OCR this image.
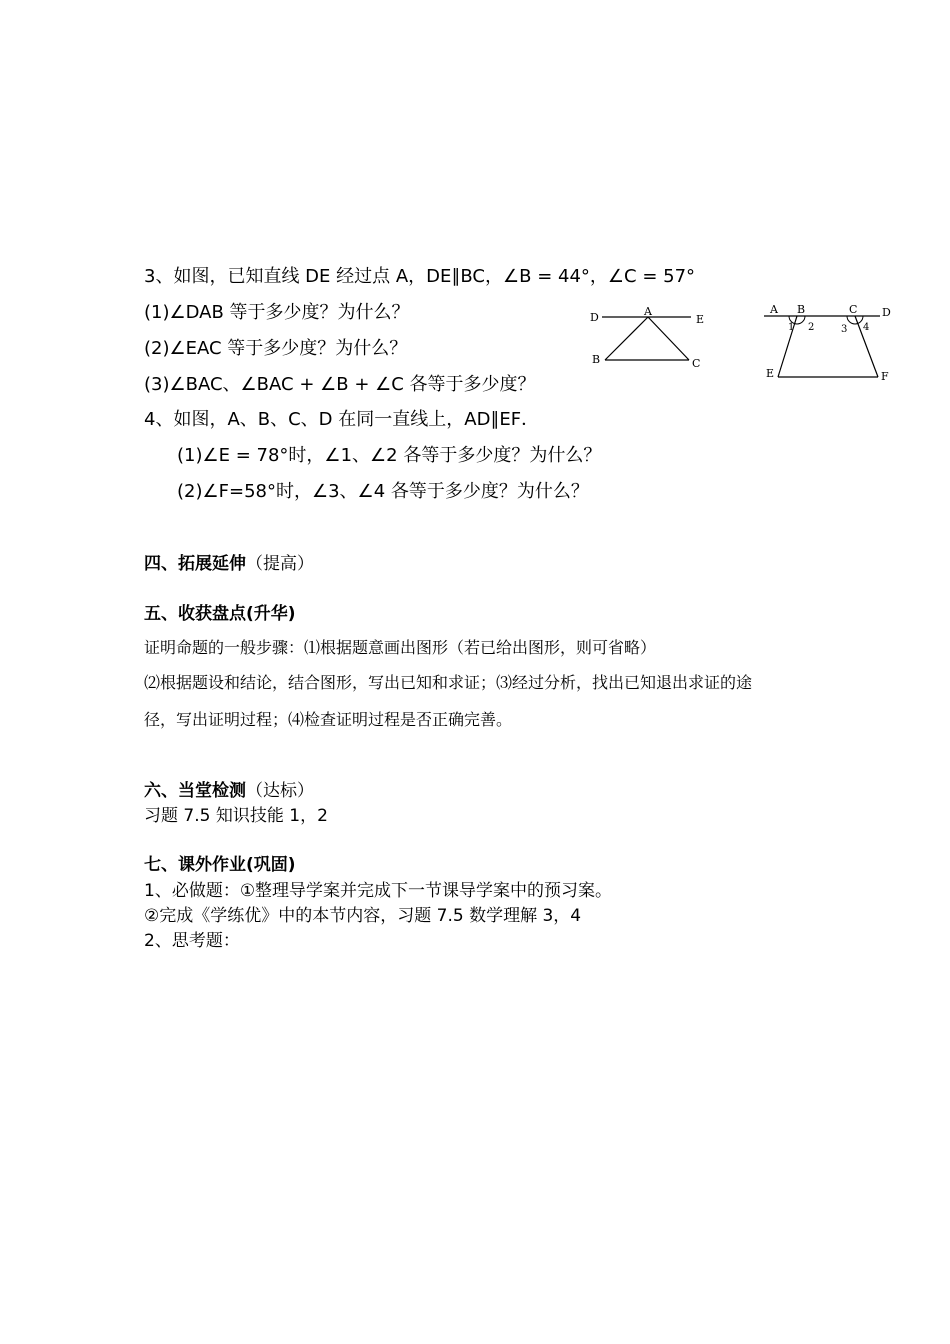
3、如图，已知直线 DE 经过点 A，DE∥BC，∠B = 44°，∠C = 57°
(1)∠DAB 等于多少度？为什么？
(2)∠EAC 等于多少度？为什么？
(3)∠BAC、∠BAC + ∠B + ∠C 各等于多少度？
4、如图，A、B、C、D 在同一直线上，AD∥EF．
(1)∠E = 78°时，∠1、∠2 各等于多少度？为什么？
(2)∠F=58°时，∠3、∠4 各等于多少度？为什么？
D	A
E
B	C
A B	C D
1 2	3 4
E	F
四、拓展延伸（提高）
五、收获盘点(升华)
证明命题的一般步骤：⑴根据题意画出图形（若已给出图形，则可省略）
⑵根据题设和结论，结合图形，写出已知和求证；⑶经过分析，找出已知退出求证的途
径，写出证明过程；⑷检查证明过程是否正确完善。
六、当堂检测（达标）
习题 7.5 知识技能 1，2
七、课外作业(巩固)
1、必做题：①整理导学案并完成下一节课导学案中的预习案。
②完成《学练优》中的本节内容，习题 7.5 数学理解 3，4
2、思考题：
